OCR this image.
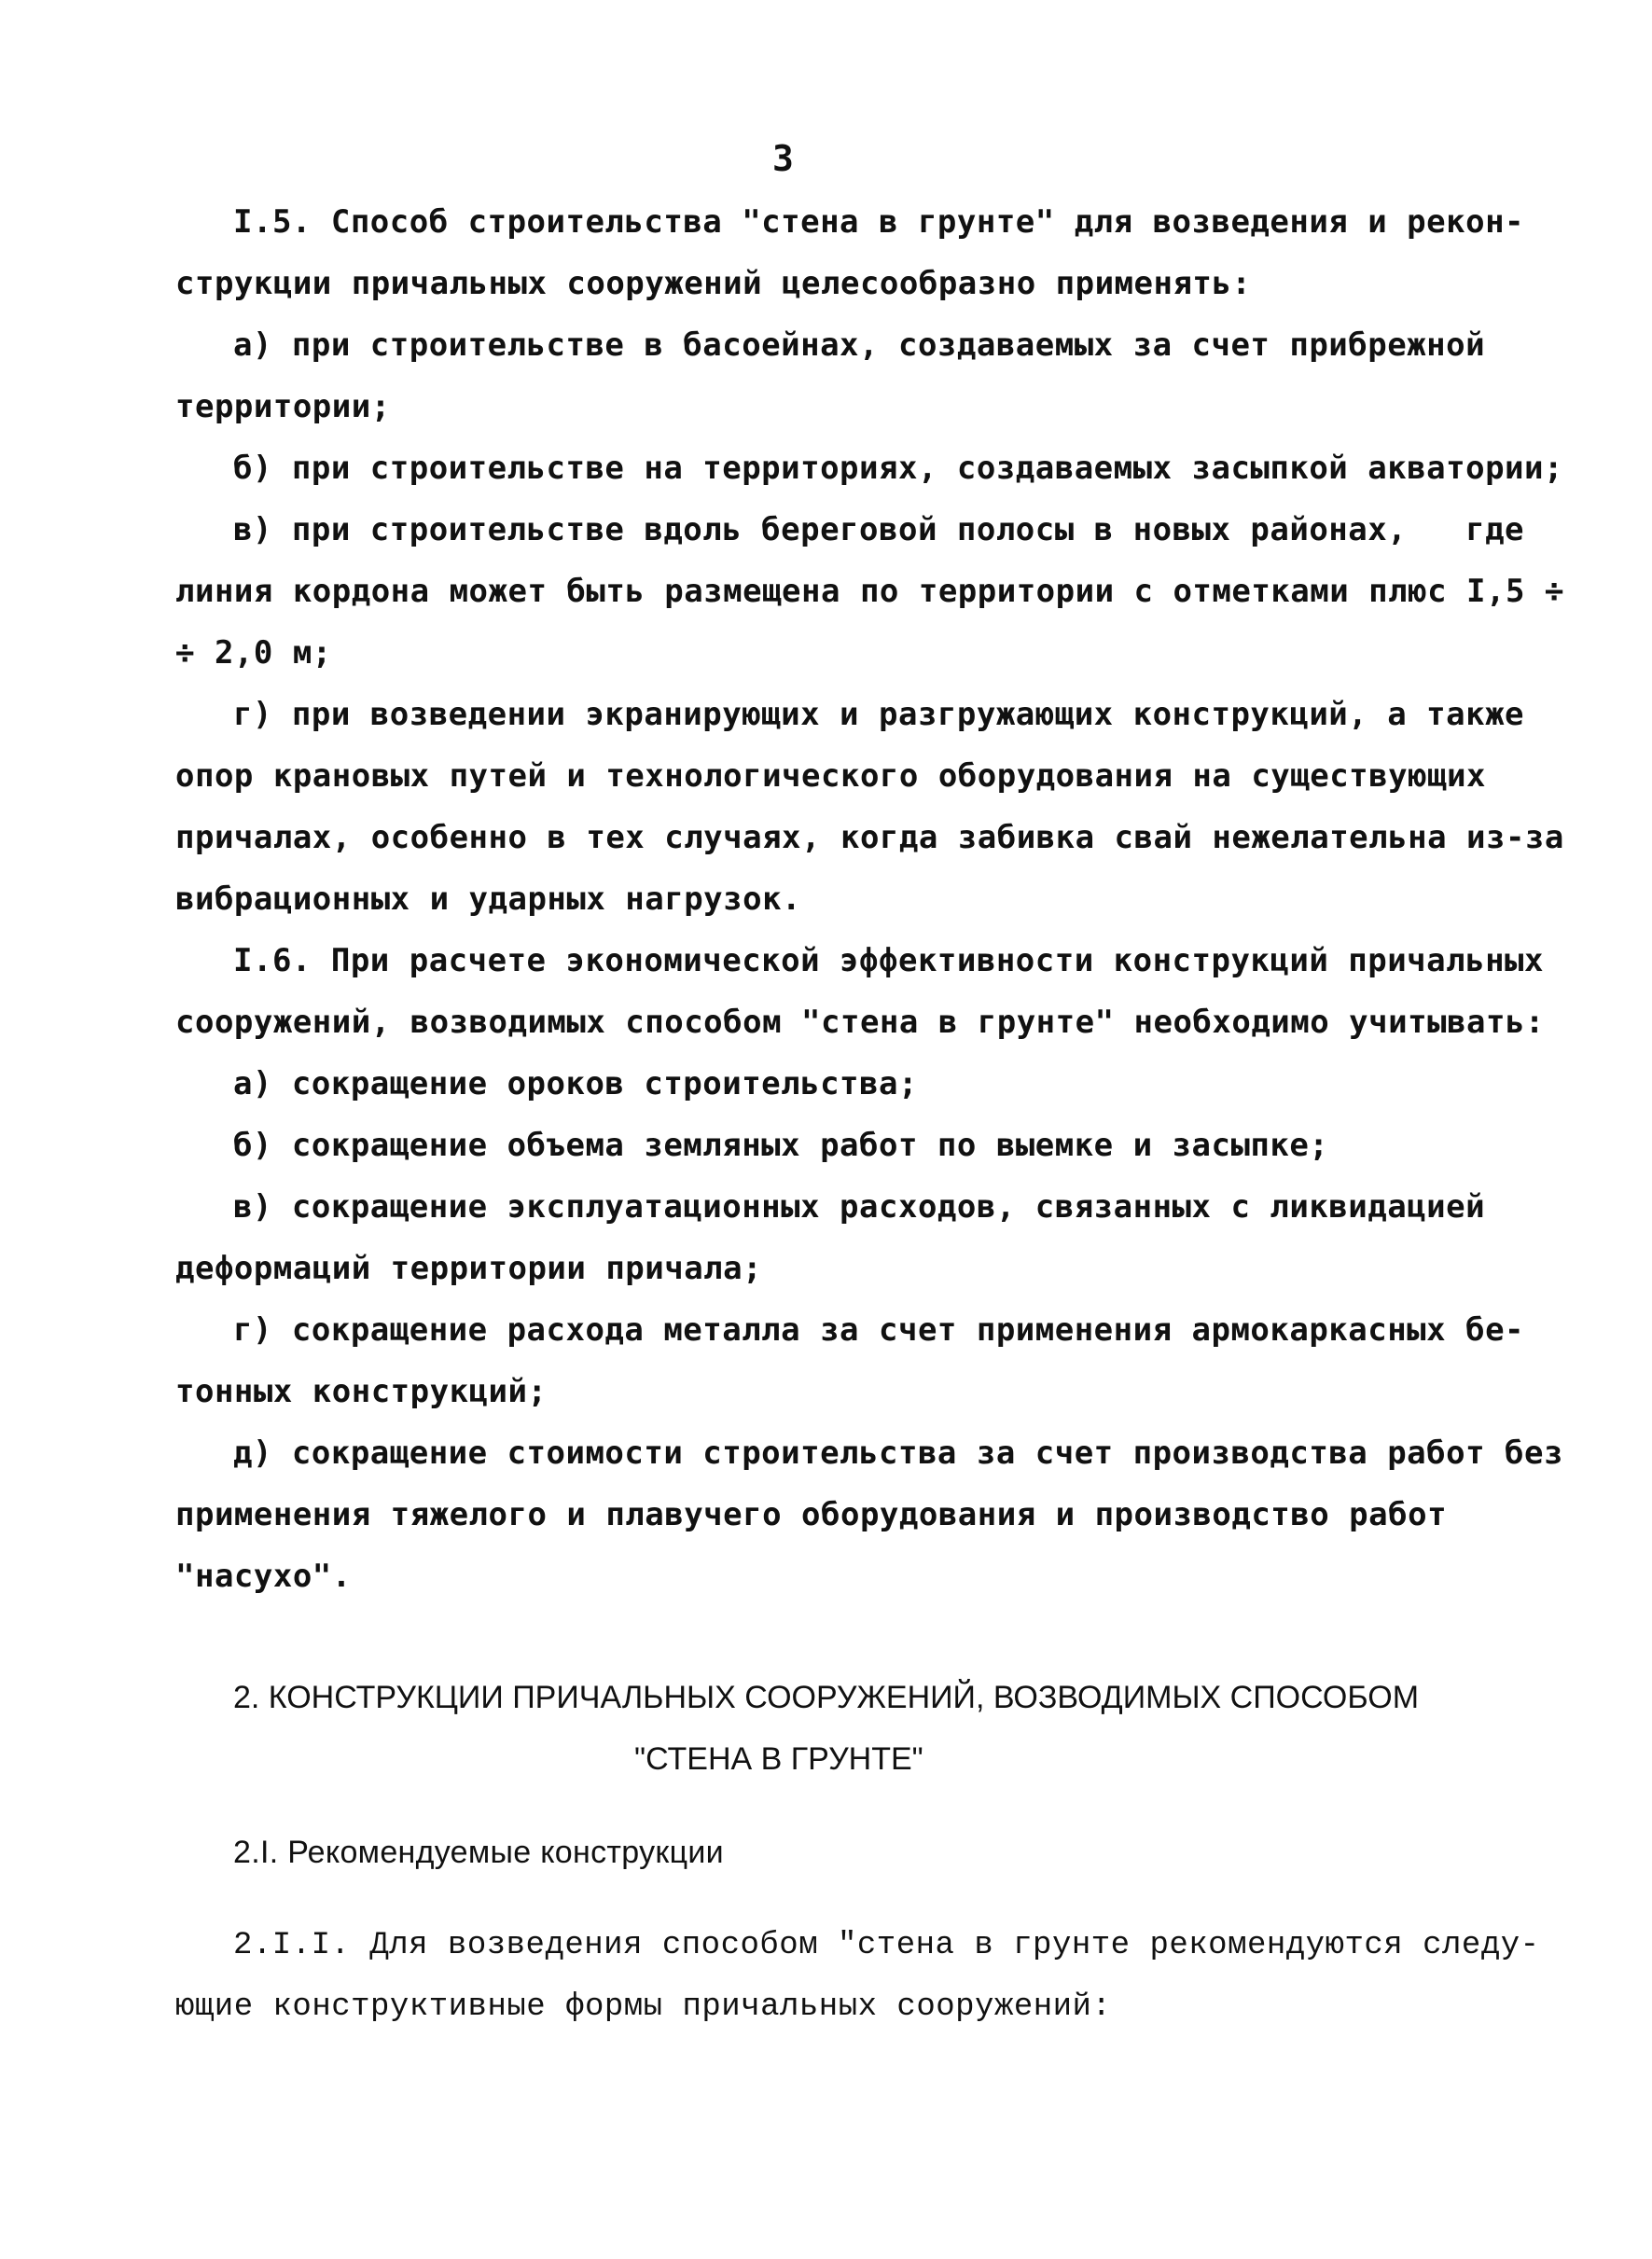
3
I.5. Способ строительства "стена в грунте" для возведения и рекон-
струкции причальных сооружений целесообразно применять:
а) при строительстве в басоейнах, создаваемых за счет прибрежной
территории;
б) при строительстве на территориях, создаваемых засыпкой акватории;
в) при строительстве вдоль береговой полосы в новых районах,   где
линия кордона может быть размещена по территории с отметками плюс I,5 ÷
÷ 2,0 м;
г) при возведении экранирующих и разгружающих конструкций, а также
опор крановых путей и технологического оборудования на существующих
причалах, особенно в тех случаях, когда забивка свай нежелательна из-за
вибрационных и ударных нагрузок.
I.6. При расчете экономической эффективности конструкций причальных
сооружений, возводимых способом "стена в грунте" необходимо учитывать:
а) сокращение ороков строительства;
б) сокращение объема земляных работ по выемке и засыпке;
в) сокращение эксплуатационных расходов, связанных с ликвидацией
деформаций территории причала;
г) сокращение расхода металла за счет применения армокаркасных бе-
тонных конструкций;
д) сокращение стоимости строительства за счет производства работ без
применения тяжелого и плавучего оборудования и производство работ
"насухо".
2. КОНСТРУКЦИИ ПРИЧАЛЬНЫХ СООРУЖЕНИЙ, ВОЗВОДИМЫХ СПОСОБОМ
"СТЕНА В ГРУНТЕ"
2.I. Рекомендуемые конструкции
2.I.I. Для возведения способом "стена в грунте рекомендуются следу-
ющие конструктивные формы причальных сооружений:
